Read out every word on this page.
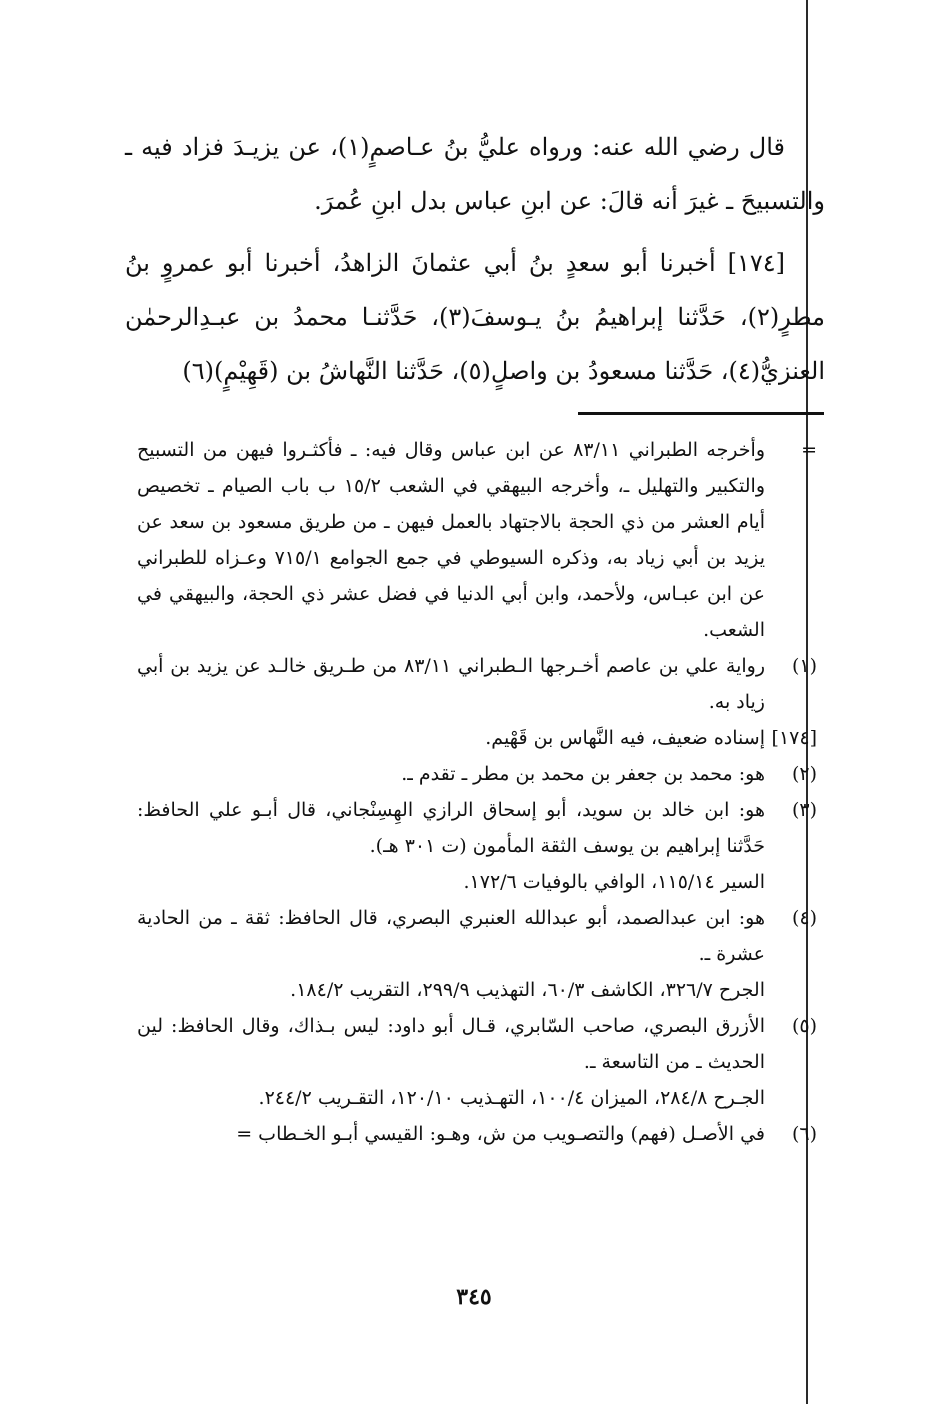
قال رضي الله عنه: ورواه عليُّ بنُ عـاصمٍ(١)، عن يزيـدَ فزاد فيه ـ والتسبيحَ ـ غيرَ أنه قالَ: عن ابنِ عباس بدل ابنِ عُمرَ.

[١٧٤] أخبرنا أبو سعدٍ بنُ أبي عثمانَ الزاهدُ، أخبرنا أبو عمروٍ بنُ مطرٍ(٢)، حَدَّثنا إبراهيمُ بنُ يـوسفَ(٣)، حَدَّثنـا محمدُ بن عبـدِالرحمٰن العنزيُّ(٤)، حَدَّثنا مسعودُ بن واصلٍ(٥)، حَدَّثنا النَّهاشُ بن (قَهِيْمٍ)(٦)

=
وأخرجه الطبراني ٨٣/١١ عن ابن عباس وقال فيه: ـ فأكثـروا فيهن من التسبيح والتكبير والتهليل ـ، وأخرجه البيهقي في الشعب ١٥/٢ ب باب الصيام ـ تخصيص أيام العشر من ذي الحجة بالاجتهاد بالعمل فيهن ـ من طريق مسعود بن سعد عن يزيد بن أبي زياد به، وذكره السيوطي في جمع الجوامع ٧١٥/١ وعـزاه للطبراني عن ابن عبـاس، ولأحمد، وابن أبي الدنيا في فضل عشر ذي الحجة، والبيهقي في الشعب.
(١)
رواية علي بن عاصم أخـرجها الـطبراني ٨٣/١١ من طـريق خالـد عن يزيد بن أبي زياد به.
[١٧٤]
إسناده ضعيف، فيه النَّهاس بن قَهْيم.
(٢)
هو: محمد بن جعفر بن محمد بن مطر ـ تقدم ـ.
(٣)
هو: ابن خالد بن سويد، أبو إسحاق الرازي الهِسِنْجاني، قال أبـو علي الحافظ: حَدَّثنا إبراهيم بن يوسف الثقة المأمون (ت ٣٠١ هـ).
السير ١١٥/١٤، الوافي بالوفيات ١٧٢/٦.
(٤)
هو: ابن عبدالصمد، أبو عبدالله العنبري البصري، قال الحافظ: ثقة ـ من الحادية عشرة ـ.
الجرح ٣٢٦/٧، الكاشف ٦٠/٣، التهذيب ٢٩٩/٩، التقريب ١٨٤/٢.
(٥)
الأزرق البصري، صاحب السّابري، قـال أبو داود: ليس بـذاك، وقال الحافظ: لين الحديث ـ من التاسعة ـ.
الجـرح ٢٨٤/٨، الميزان ١٠٠/٤، التهـذيب ١٢٠/١٠، التقـريب ٢٤٤/٢.
(٦)
في الأصـل (فهم) والتصـويب من ش، وهـو: القيسي أبـو الخـطاب =
٣٤٥
